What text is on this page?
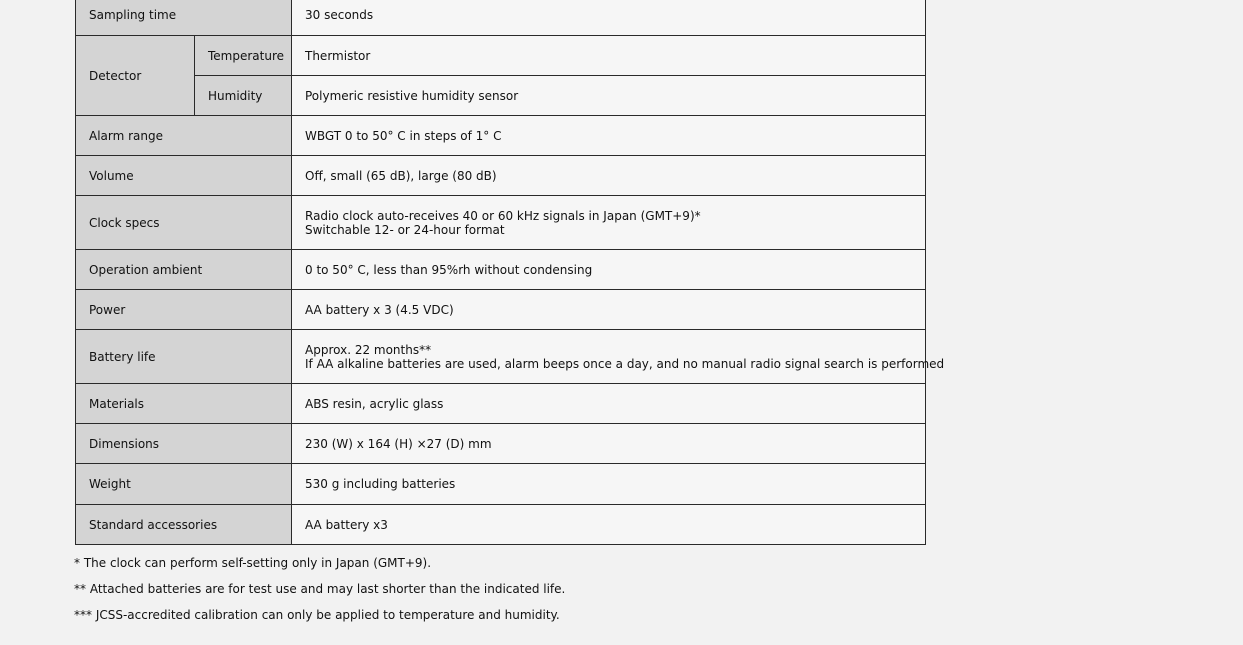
Sampling time		30 seconds
Detector	Temperature	Thermistor
	Humidity	Polymeric resistive humidity sensor
Alarm range		WBGT 0 to 50° C in steps of 1° C
Volume		Off, small (65 dB), large (80 dB)
Clock specs		Radio clock auto-receives 40 or 60 kHz signals in Japan (GMT+9)*
Switchable 12- or 24-hour format

Operation ambient		0 to 50° C, less than 95%rh without condensing
Power		AA battery x 3 (4.5 VDC)
Battery life		Approx. 22 months**
If AA alkaline batteries are used, alarm beeps once a day, and no manual radio signal search is performed

Materials		ABS resin, acrylic glass
Dimensions		230 (W) x 164 (H) ×27 (D) mm
Weight		530 g including batteries
Standard accessories		AA battery x3
* The clock can perform self-setting only in Japan (GMT+9).
** Attached batteries are for test use and may last shorter than the indicated life.
*** JCSS-accredited calibration can only be applied to temperature and humidity.
